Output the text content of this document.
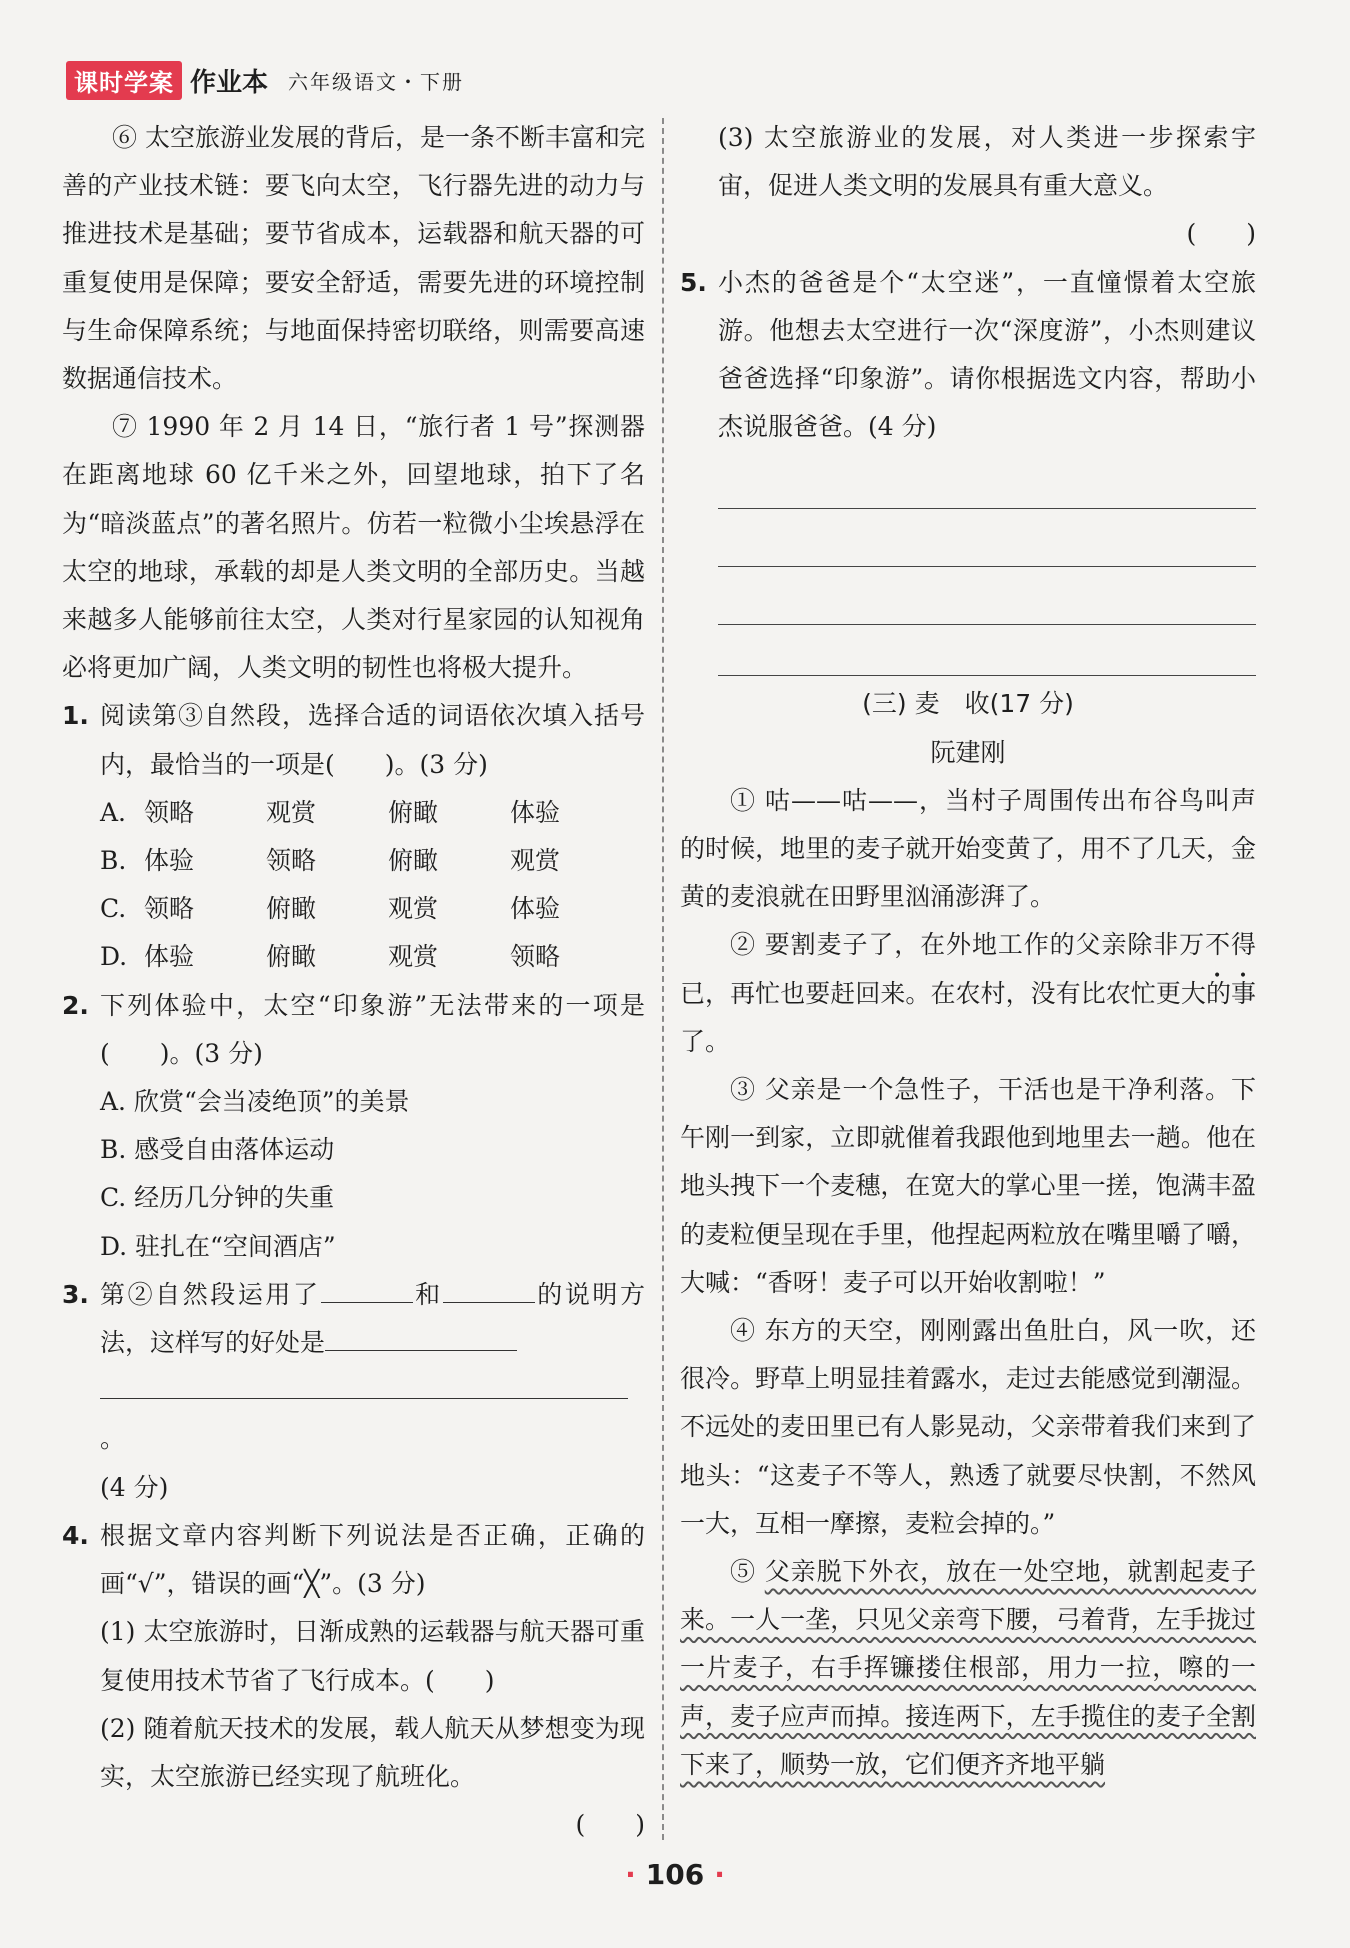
课时学案 作业本 六年级语文・下册

⑥ 太空旅游业发展的背后，是一条不断丰富和完善的产业技术链：要飞向太空，飞行器先进的动力与推进技术是基础；要节省成本，运载器和航天器的可重复使用是保障；要安全舒适，需要先进的环境控制与生命保障系统；与地面保持密切联络，则需要高速数据通信技术。

⑦ 1990 年 2 月 14 日，“旅行者 1 号”探测器在距离地球 60 亿千米之外，回望地球，拍下了名为“暗淡蓝点”的著名照片。仿若一粒微小尘埃悬浮在太空的地球，承载的却是人类文明的全部历史。当越来越多人能够前往太空，人类对行星家园的认知视角必将更加广阔，人类文明的韧性也将极大提升。

1. 阅读第③自然段，选择合适的词语依次填入括号内，最恰当的一项是(　　)。(3 分)

A. 领略	观赏	俯瞰	体验
B. 体验	领略	俯瞰	观赏
C. 领略	俯瞰	观赏	体验
D. 体验	俯瞰	观赏	领略
2. 下列体验中，太空“印象游”无法带来的一项是(　　)。(3 分)

A. 欣赏“会当凌绝顶”的美景
B. 感受自由落体运动
C. 经历几分钟的失重
D. 驻扎在“空间酒店”
3. 第②自然段运用了	和	的说明方法，这样写的好处是

。

(4 分)

4. 根据文章内容判断下列说法是否正确，正确的画“√”，错误的画“╳”。(3 分)

(1) 太空旅游时，日渐成熟的运载器与航天器可重复使用技术节省了飞行成本。(　　)

(2) 随着航天技术的发展，载人航天从梦想变为现实，太空旅游已经实现了航班化。

(　　)

(3) 太空旅游业的发展，对人类进一步探索宇宙，促进人类文明的发展具有重大意义。

(　　)

5. 小杰的爸爸是个“太空迷”，一直憧憬着太空旅游。他想去太空进行一次“深度游”，小杰则建议爸爸选择“印象游”。请你根据选文内容，帮助小杰说服爸爸。(4 分)

(三) 麦　收(17 分)
阮建刚

① 咕——咕——，当村子周围传出布谷鸟叫声的时候，地里的麦子就开始变黄了，用不了几天，金黄的麦浪就在田野里汹涌澎湃了。

② 要割麦子了，在外地工作的父亲除非万不得已，再忙也要赶回来。在农村，没有比农忙更大的事了。

③ 父亲是一个急性子，干活也是干净利落。下午刚一到家，立即就催着我跟他到地里去一趟。他在地头拽下一个麦穗，在宽大的掌心里一搓，饱满丰盈的麦粒便呈现在手里，他捏起两粒放在嘴里嚼了嚼，大喊：“香呀！麦子可以开始收割啦！”

④ 东方的天空，刚刚露出鱼肚白，风一吹，还很冷。野草上明显挂着露水，走过去能感觉到潮湿。不远处的麦田里已有人影晃动，父亲带着我们来到了地头：“这麦子不等人，熟透了就要尽快割，不然风一大，互相一摩擦，麦粒会掉的。”

⑤ 父亲脱下外衣，放在一处空地，就割起麦子来。一人一垄，只见父亲弯下腰，弓着背，左手拢过一片麦子，右手挥镰搂住根部，用力一拉，嚓的一声，麦子应声而掉。接连两下，左手揽住的麦子全割下来了，顺势一放，它们便齐齐地平躺

· 106 ·
